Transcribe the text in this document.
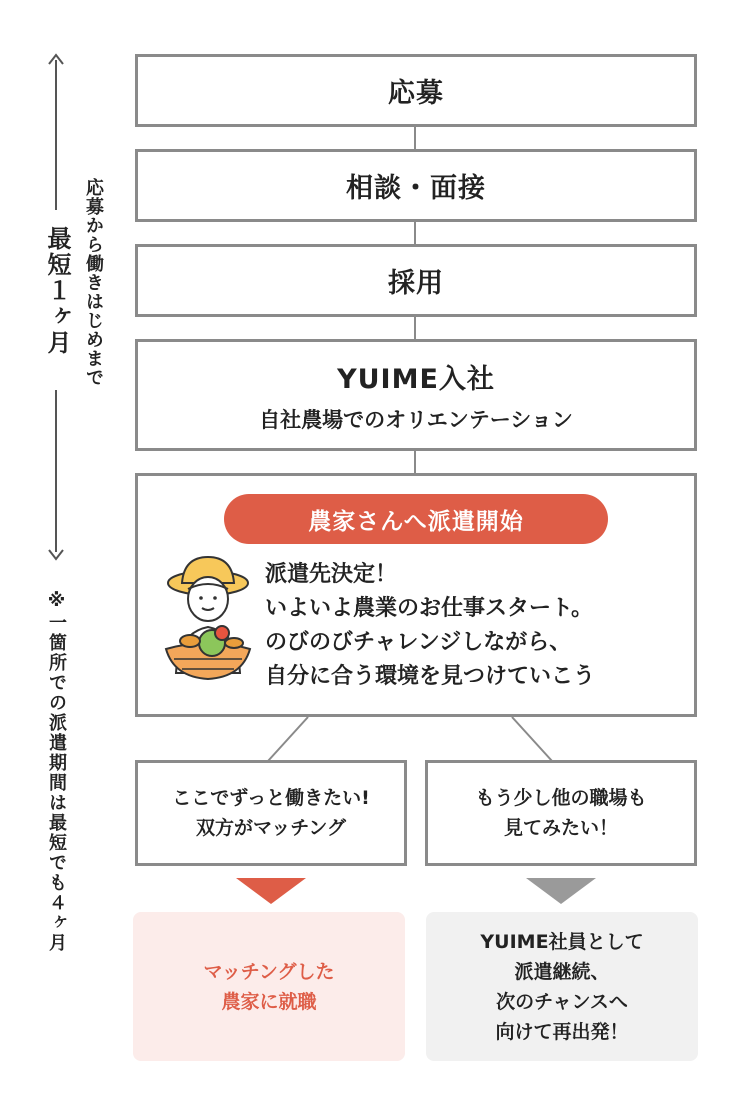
応募から働きはじめまで
最短１ヶ月
※一箇所での派遣期間は最短でも４ヶ月
応募
相談・面接
採用
YUIME入社
自社農場でのオリエンテーション
農家さんへ派遣開始
派遣先決定！
いよいよ農業のお仕事スタート。
のびのびチャレンジしながら、
自分に合う環境を見つけていこう
ここでずっと働きたい!
双方がマッチング
もう少し他の職場も
見てみたい！
マッチングした
農家に就職
YUIME社員として
派遣継続、
次のチャンスへ
向けて再出発！
